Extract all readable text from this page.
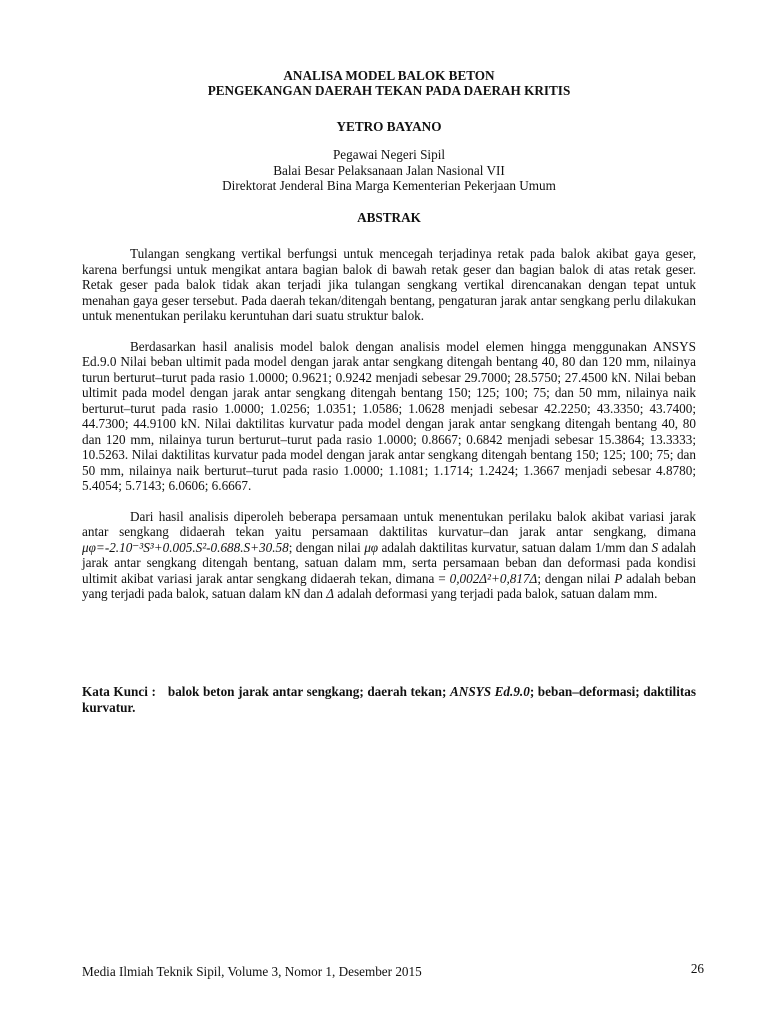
ANALISA MODEL BALOK BETON
PENGEKANGAN DAERAH TEKAN PADA DAERAH KRITIS
YETRO BAYANO
Pegawai Negeri Sipil
Balai Besar Pelaksanaan Jalan Nasional VII
Direktorat Jenderal Bina Marga Kementerian Pekerjaan Umum
ABSTRAK

Tulangan sengkang vertikal berfungsi untuk mencegah terjadinya retak pada balok akibat gaya geser, karena berfungsi untuk mengikat antara bagian balok di bawah retak geser dan bagian balok di atas retak geser. Retak geser pada balok tidak akan terjadi jika tulangan sengkang vertikal direncanakan dengan tepat untuk menahan gaya geser tersebut. Pada daerah tekan/ditengah bentang, pengaturan jarak antar sengkang perlu dilakukan untuk menentukan perilaku keruntuhan dari suatu struktur balok.

Berdasarkan hasil analisis model balok dengan analisis model elemen hingga menggunakan ANSYS Ed.9.0 Nilai beban ultimit pada model dengan jarak antar sengkang ditengah bentang 40, 80 dan 120 mm, nilainya turun berturut–turut pada rasio 1.0000; 0.9621; 0.9242 menjadi sebesar 29.7000; 28.5750; 27.4500 kN. Nilai beban ultimit pada model dengan jarak antar sengkang ditengah bentang 150; 125; 100; 75; dan 50 mm, nilainya naik berturut–turut pada rasio 1.0000; 1.0256; 1.0351; 1.0586; 1.0628 menjadi sebesar 42.2250; 43.3350; 43.7400; 44.7300; 44.9100 kN. Nilai daktilitas kurvatur pada model dengan jarak antar sengkang ditengah bentang 40, 80 dan 120 mm, nilainya turun berturut–turut pada rasio 1.0000; 0.8667; 0.6842 menjadi sebesar 15.3864; 13.3333; 10.5263. Nilai daktilitas kurvatur pada model dengan jarak antar sengkang ditengah bentang 150; 125; 100; 75; dan 50 mm, nilainya naik berturut–turut pada rasio 1.0000; 1.1081; 1.1714; 1.2424; 1.3667 menjadi sebesar 4.8780; 5.4054; 5.7143; 6.0606; 6.6667.

Dari hasil analisis diperoleh beberapa persamaan untuk menentukan perilaku balok akibat variasi jarak antar sengkang didaerah tekan yaitu persamaan daktilitas kurvatur–dan jarak antar sengkang, dimana μφ=-2.10⁻³S³+0.005.S²-0.688.S+30.58; dengan nilai μφ adalah daktilitas kurvatur, satuan dalam 1/mm dan S adalah jarak antar sengkang ditengah bentang, satuan dalam mm, serta persamaan beban dan deformasi pada kondisi ultimit akibat variasi jarak antar sengkang didaerah tekan, dimana = 0,002Δ²+0,817Δ; dengan nilai P adalah beban yang terjadi pada balok, satuan dalam kN dan Δ adalah deformasi yang terjadi pada balok, satuan dalam mm.

Kata Kunci : balok beton jarak antar sengkang; daerah tekan; ANSYS Ed.9.0; beban–deformasi; daktilitas kurvatur.
Media Ilmiah Teknik Sipil, Volume 3, Nomor 1, Desember 2015	26
